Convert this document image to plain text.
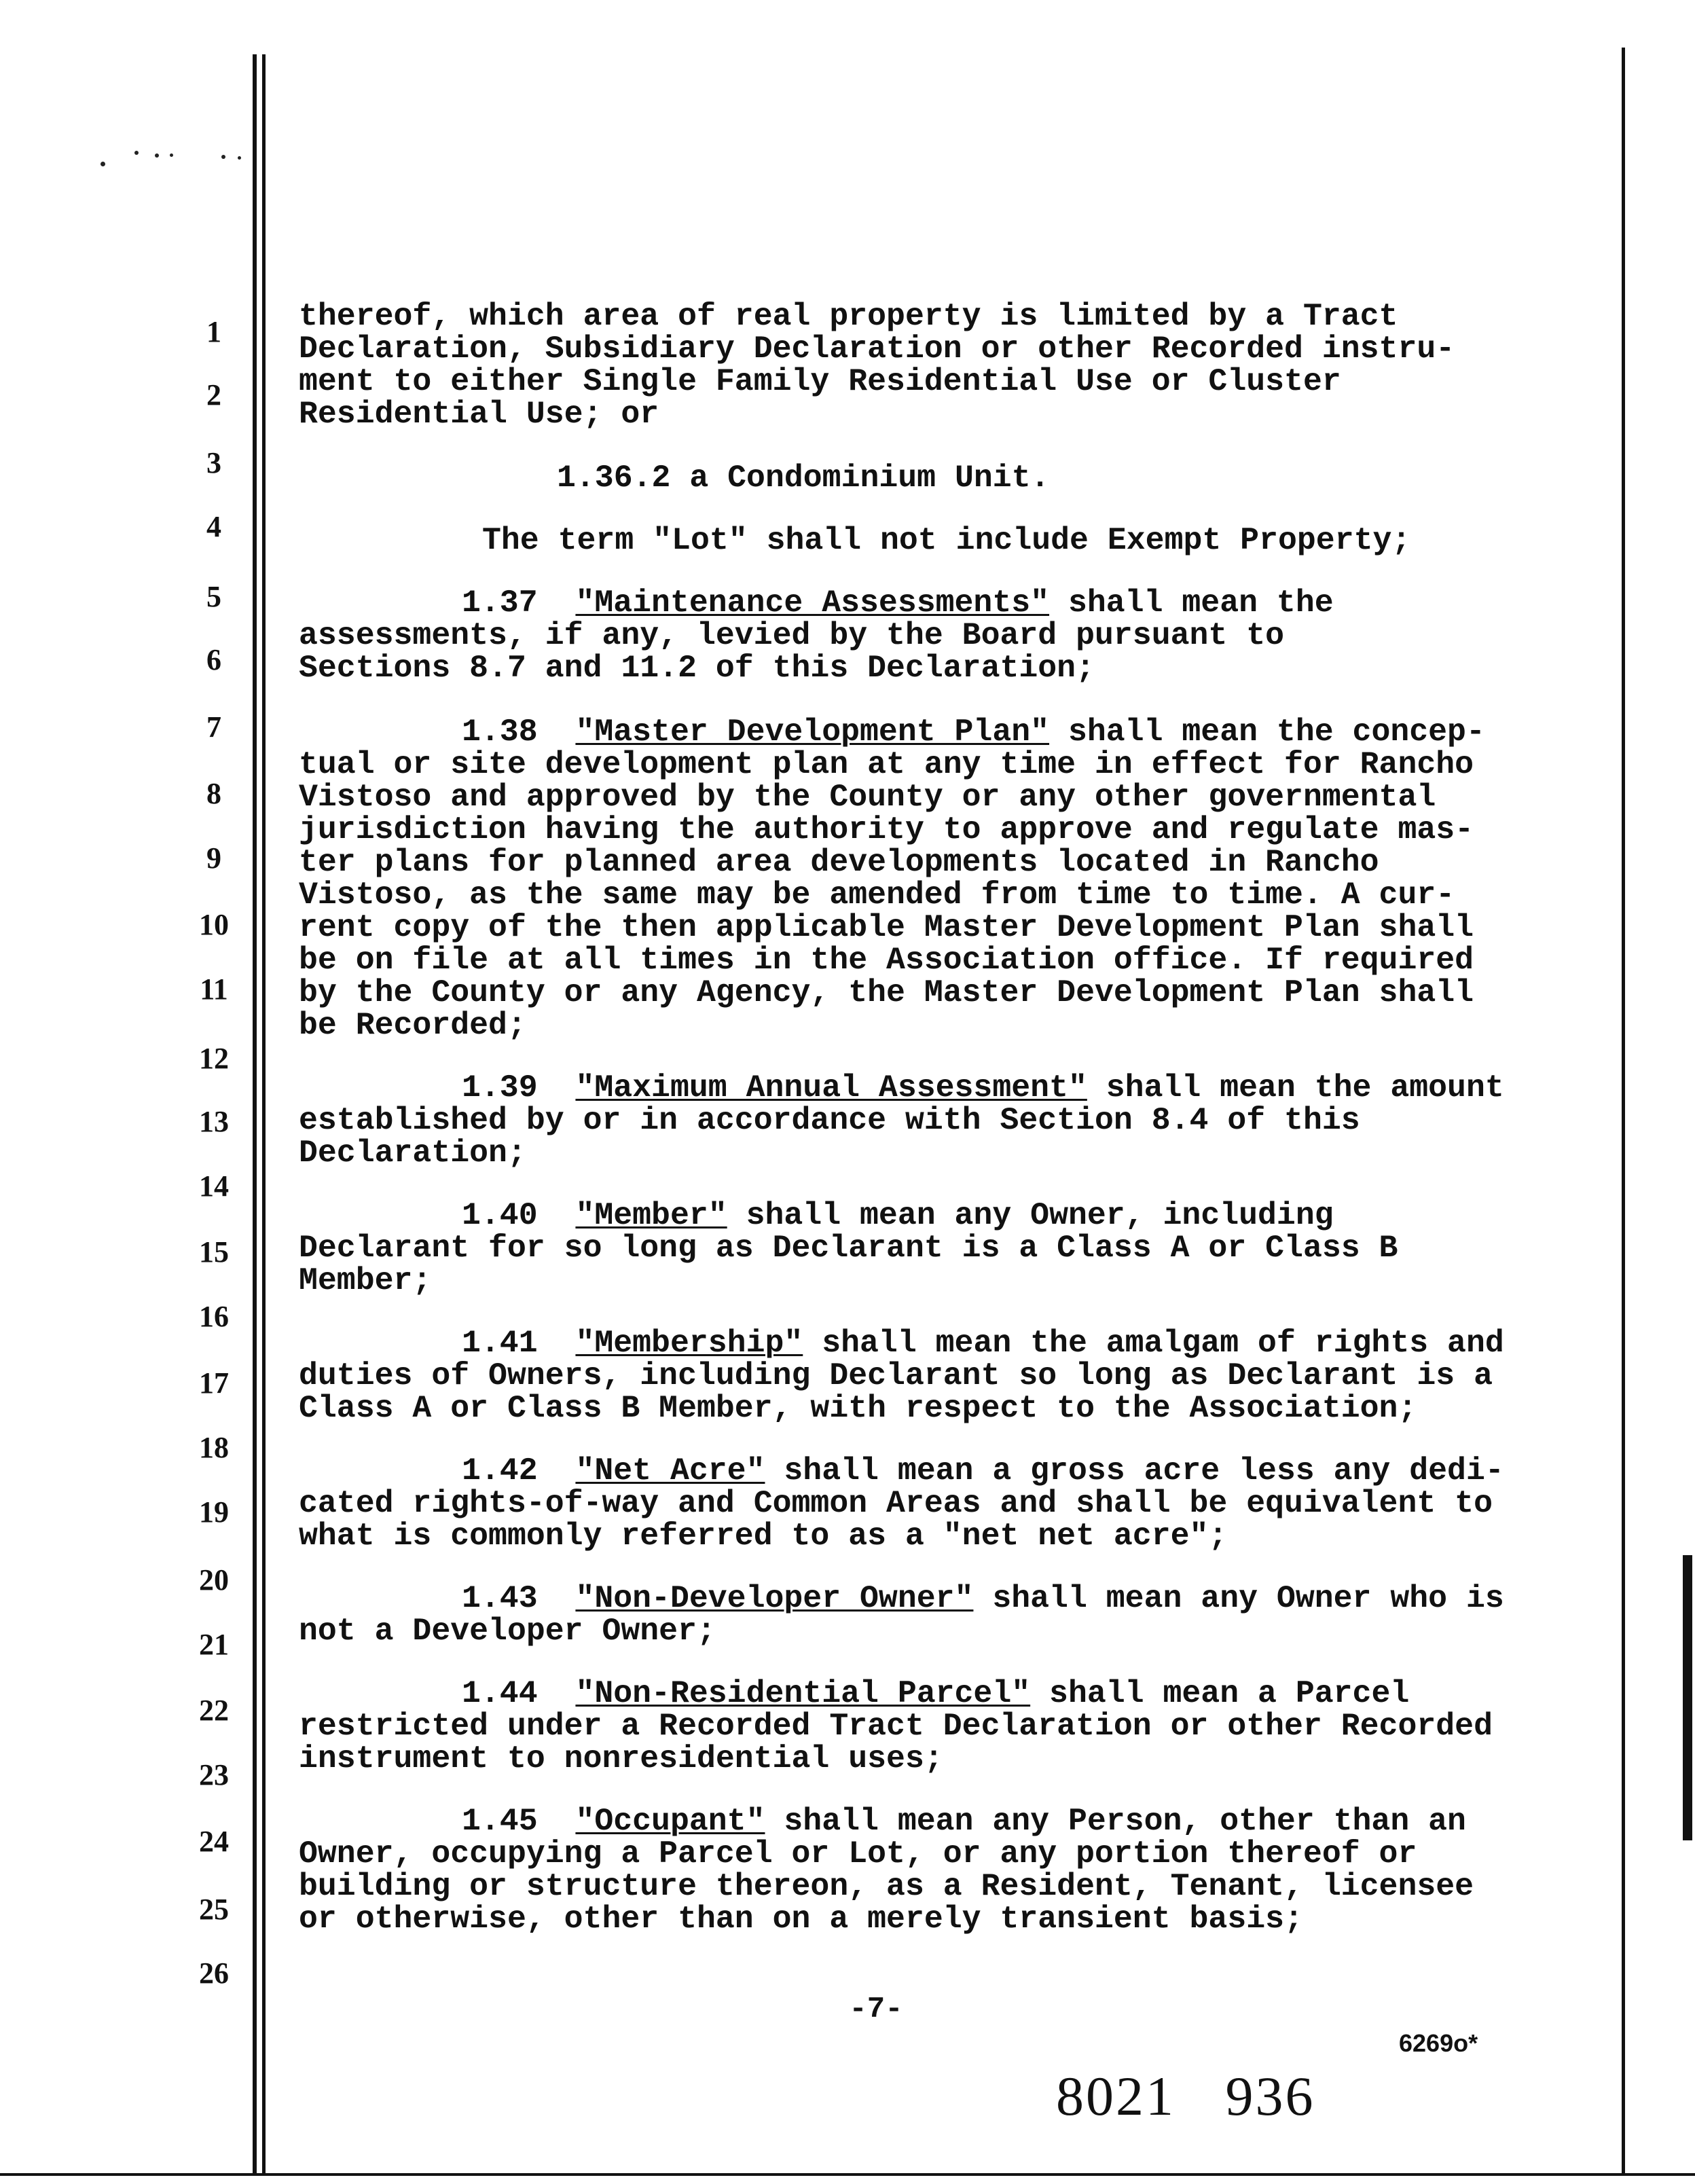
1
2
3
4
5
6
7
8
9
10
11
12
13
14
15
16
17
18
19
20
21
22
23
24
25
26
thereof, which area of real property is limited by a Tract
Declaration, Subsidiary Declaration or other Recorded instru-
ment to either Single Family Residential Use or Cluster
Residential Use; or
1.36.2 a Condominium Unit.
The term "Lot" shall not include Exempt Property;
1.37 "Maintenance Assessments" shall mean the
assessments, if any, levied by the Board pursuant to
Sections 8.7 and 11.2 of this Declaration;
1.38 "Master Development Plan" shall mean the concep-
tual or site development plan at any time in effect for Rancho
Vistoso and approved by the County or any other governmental
jurisdiction having the authority to approve and regulate mas-
ter plans for planned area developments located in Rancho
Vistoso, as the same may be amended from time to time. A cur-
rent copy of the then applicable Master Development Plan shall
be on file at all times in the Association office. If required
by the County or any Agency, the Master Development Plan shall
be Recorded;
1.39 "Maximum Annual Assessment" shall mean the amount
established by or in accordance with Section 8.4 of this
Declaration;
1.40 "Member" shall mean any Owner, including
Declarant for so long as Declarant is a Class A or Class B
Member;
1.41 "Membership" shall mean the amalgam of rights and
duties of Owners, including Declarant so long as Declarant is a
Class A or Class B Member, with respect to the Association;
1.42 "Net Acre" shall mean a gross acre less any dedi-
cated rights-of-way and Common Areas and shall be equivalent to
what is commonly referred to as a "net net acre";
1.43 "Non-Developer Owner" shall mean any Owner who is
not a Developer Owner;
1.44 "Non-Residential Parcel" shall mean a Parcel
restricted under a Recorded Tract Declaration or other Recorded
instrument to nonresidential uses;
1.45 "Occupant" shall mean any Person, other than an
Owner, occupying a Parcel or Lot, or any portion thereof or
building or structure thereon, as a Resident, Tenant, licensee
or otherwise, other than on a merely transient basis;
-7-
6269o*
8021 936
